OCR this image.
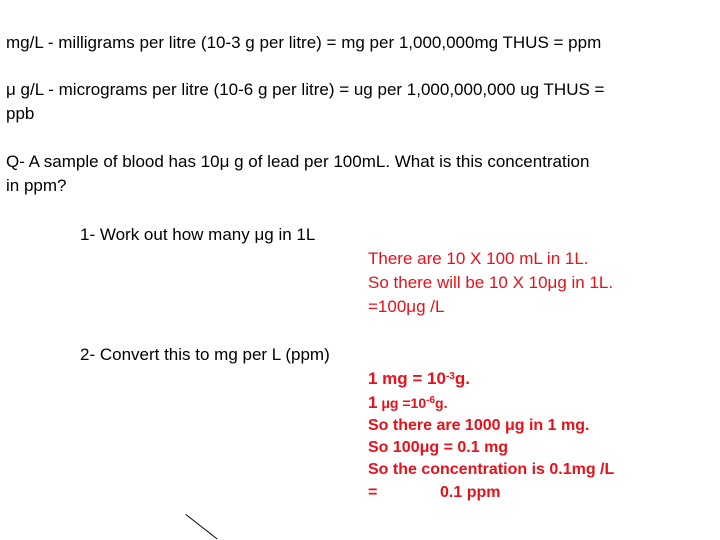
mg/L - milligrams per litre (10-3 g per litre) = mg per 1,000,000mg THUS = ppm
μ g/L - micrograms per litre (10-6 g per litre) = ug per 1,000,000,000 ug THUS =
ppb
Q- A sample of blood has 10μ g of lead per 100mL. What is this concentration
in ppm?
1- Work out how many μg in 1L
There are 10 X 100 mL in 1L.
So there will be 10 X 10μg in 1L.
=100μg /L
2- Convert this to mg per L (ppm)
1 mg = $10^{-3}g$.
1 $\mu g =10^{-6}g$.
So there are 1000 μg in 1 mg.
So 100μg = 0.1 mg
So the concentration is 0.1mg /L
=	0.1 ppm
